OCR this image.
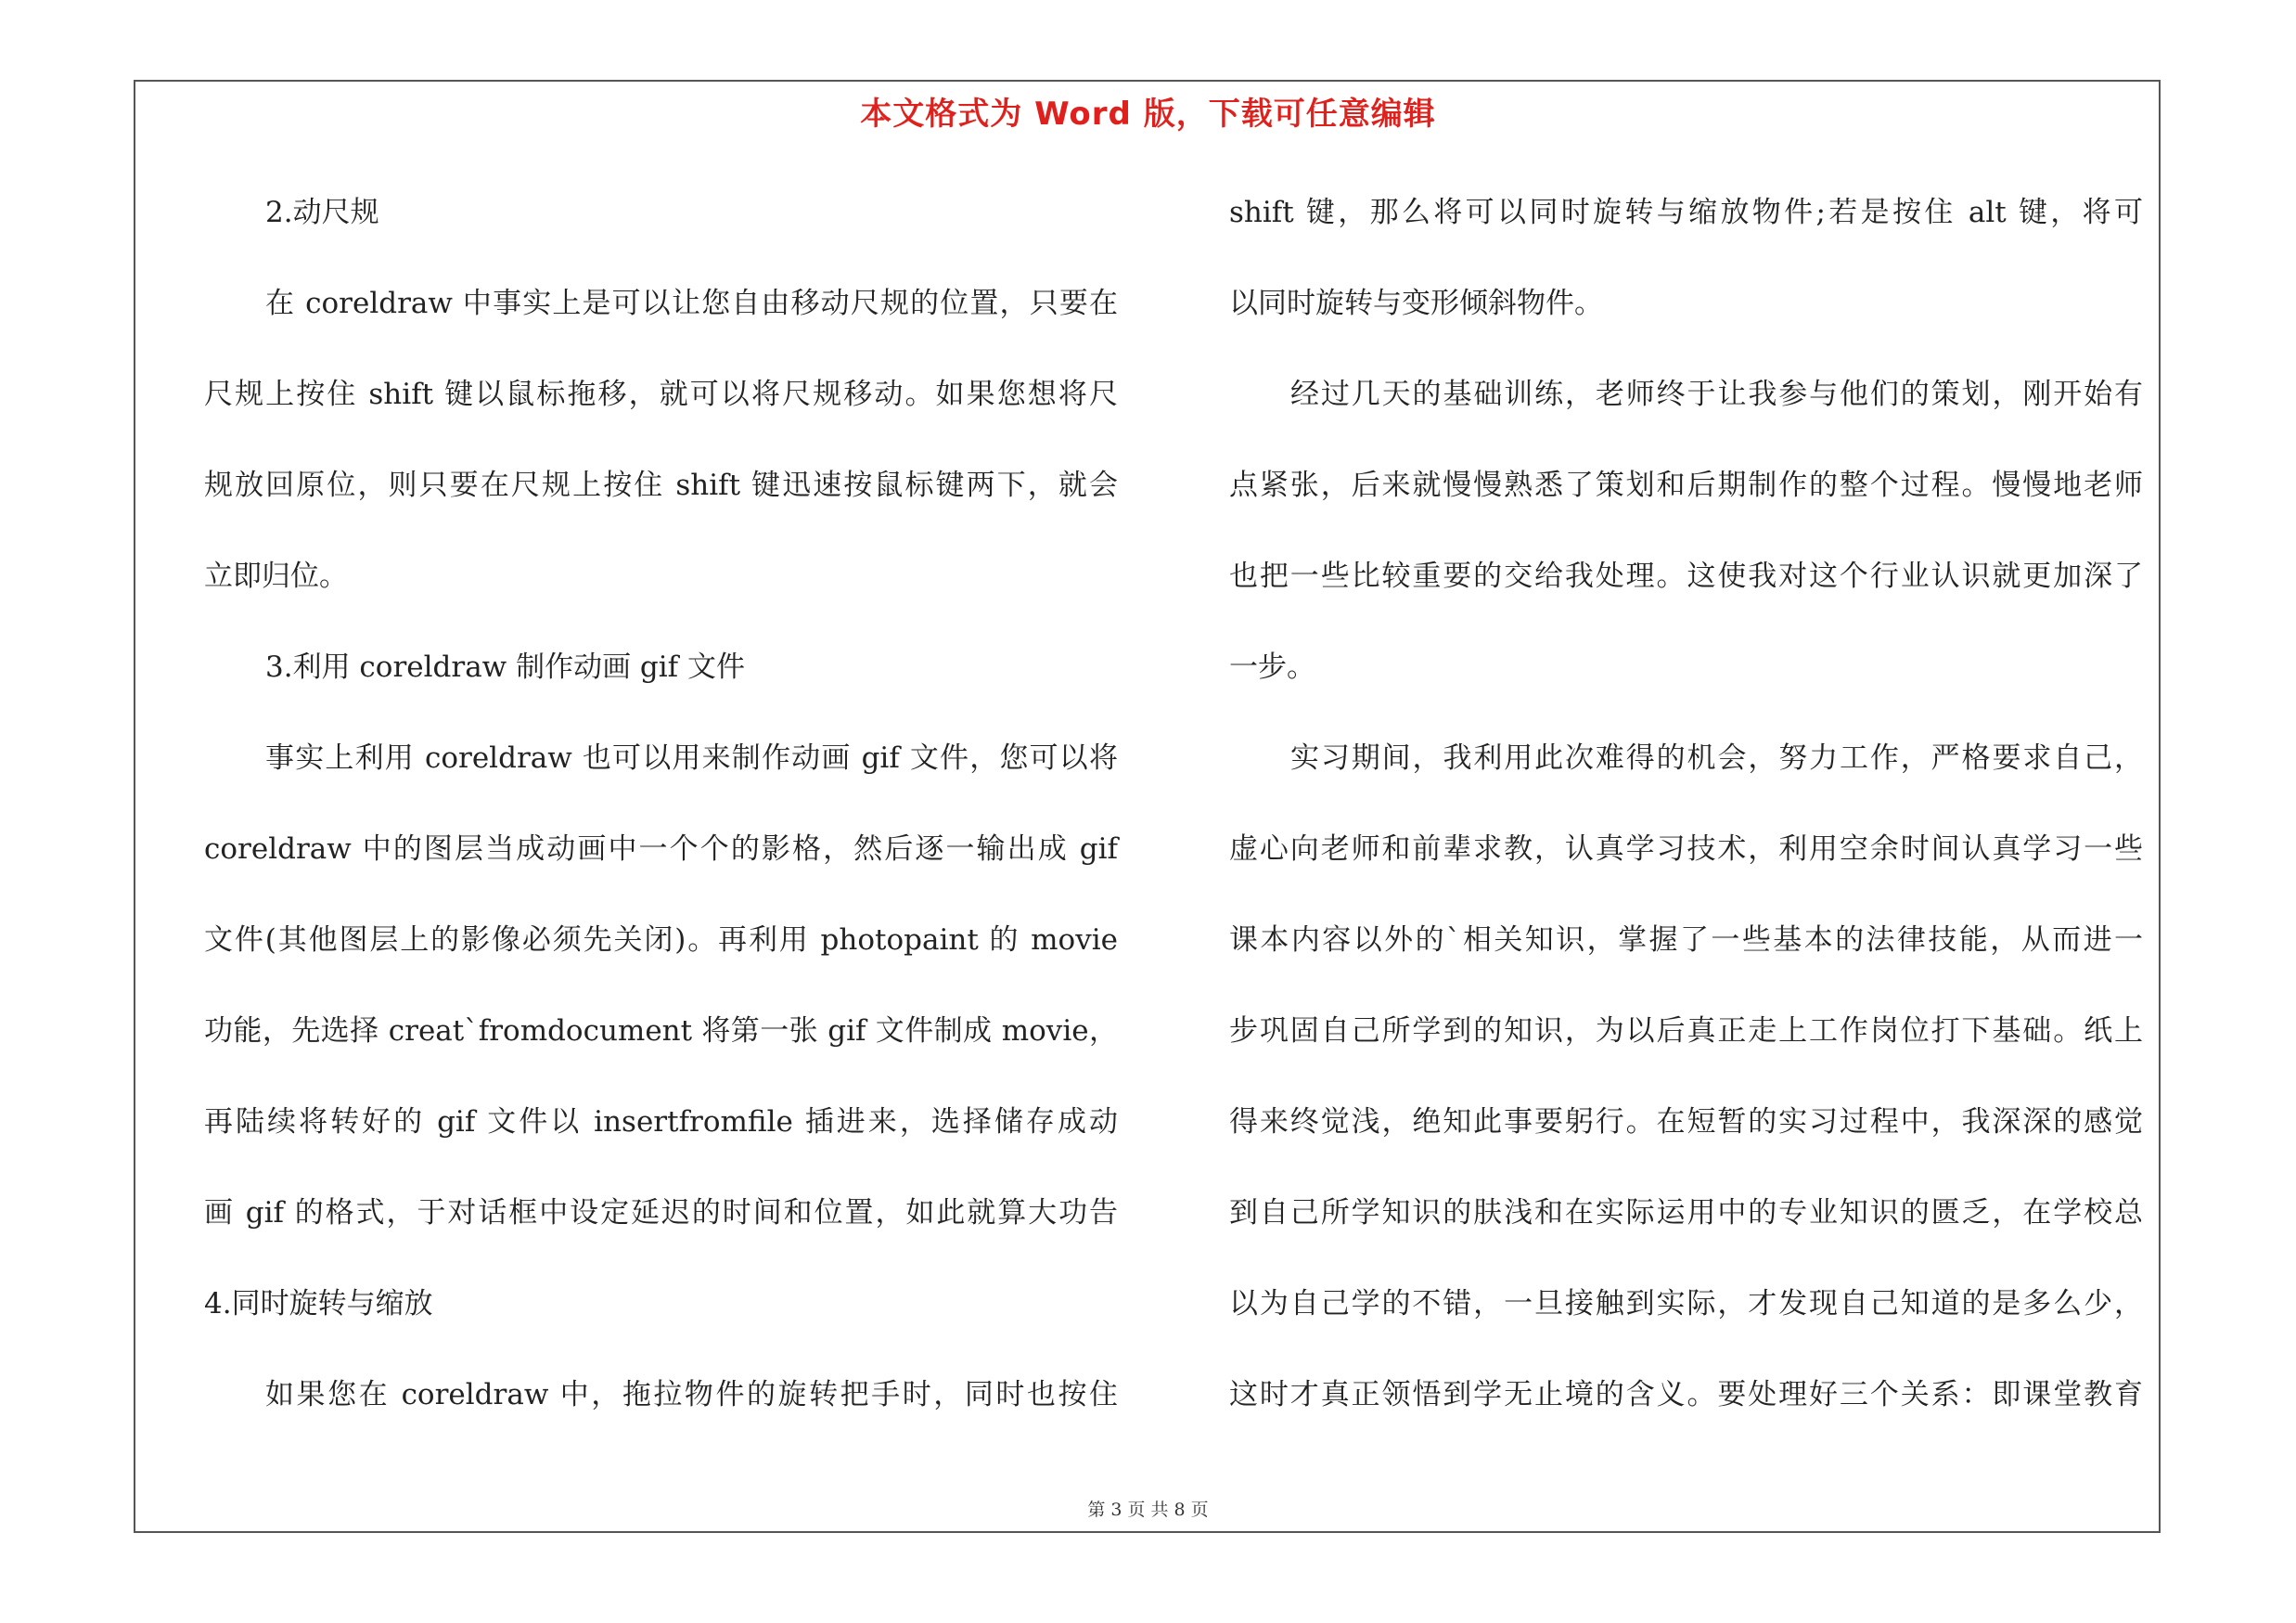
本文格式为 Word 版，下载可任意编辑
2.动尺规
在 coreldraw 中事实上是可以让您自由移动尺规的位置，只要在
尺规上按住 shift 键以鼠标拖移，就可以将尺规移动。如果您想将尺
规放回原位，则只要在尺规上按住 shift 键迅速按鼠标键两下，就会
立即归位。
3.利用 coreldraw 制作动画 gif 文件
事实上利用 coreldraw 也可以用来制作动画 gif 文件，您可以将
coreldraw 中的图层当成动画中一个个的影格，然后逐一输出成 gif
文件(其他图层上的影像必须先关闭)。再利用 photopaint 的 movie
功能，先选择 creat`fromdocument 将第一张 gif 文件制成 movie，
再陆续将转好的 gif 文件以 insertfromfile 插进来，选择储存成动
画 gif 的格式，于对话框中设定延迟的时间和位置，如此就算大功告
4.同时旋转与缩放
如果您在 coreldraw 中，拖拉物件的旋转把手时，同时也按住
shift 键，那么将可以同时旋转与缩放物件;若是按住 alt 键，将可
以同时旋转与变形倾斜物件。
经过几天的基础训练，老师终于让我参与他们的策划，刚开始有
点紧张，后来就慢慢熟悉了策划和后期制作的整个过程。慢慢地老师
也把一些比较重要的交给我处理。这使我对这个行业认识就更加深了
一步。
实习期间，我利用此次难得的机会，努力工作，严格要求自己，
虚心向老师和前辈求教，认真学习技术，利用空余时间认真学习一些
课本内容以外的`相关知识，掌握了一些基本的法律技能，从而进一
步巩固自己所学到的知识，为以后真正走上工作岗位打下基础。纸上
得来终觉浅，绝知此事要躬行。在短暂的实习过程中，我深深的感觉
到自己所学知识的肤浅和在实际运用中的专业知识的匮乏，在学校总
以为自己学的不错，一旦接触到实际，才发现自己知道的是多么少，
这时才真正领悟到学无止境的含义。要处理好三个关系：即课堂教育
第 3 页 共 8 页
